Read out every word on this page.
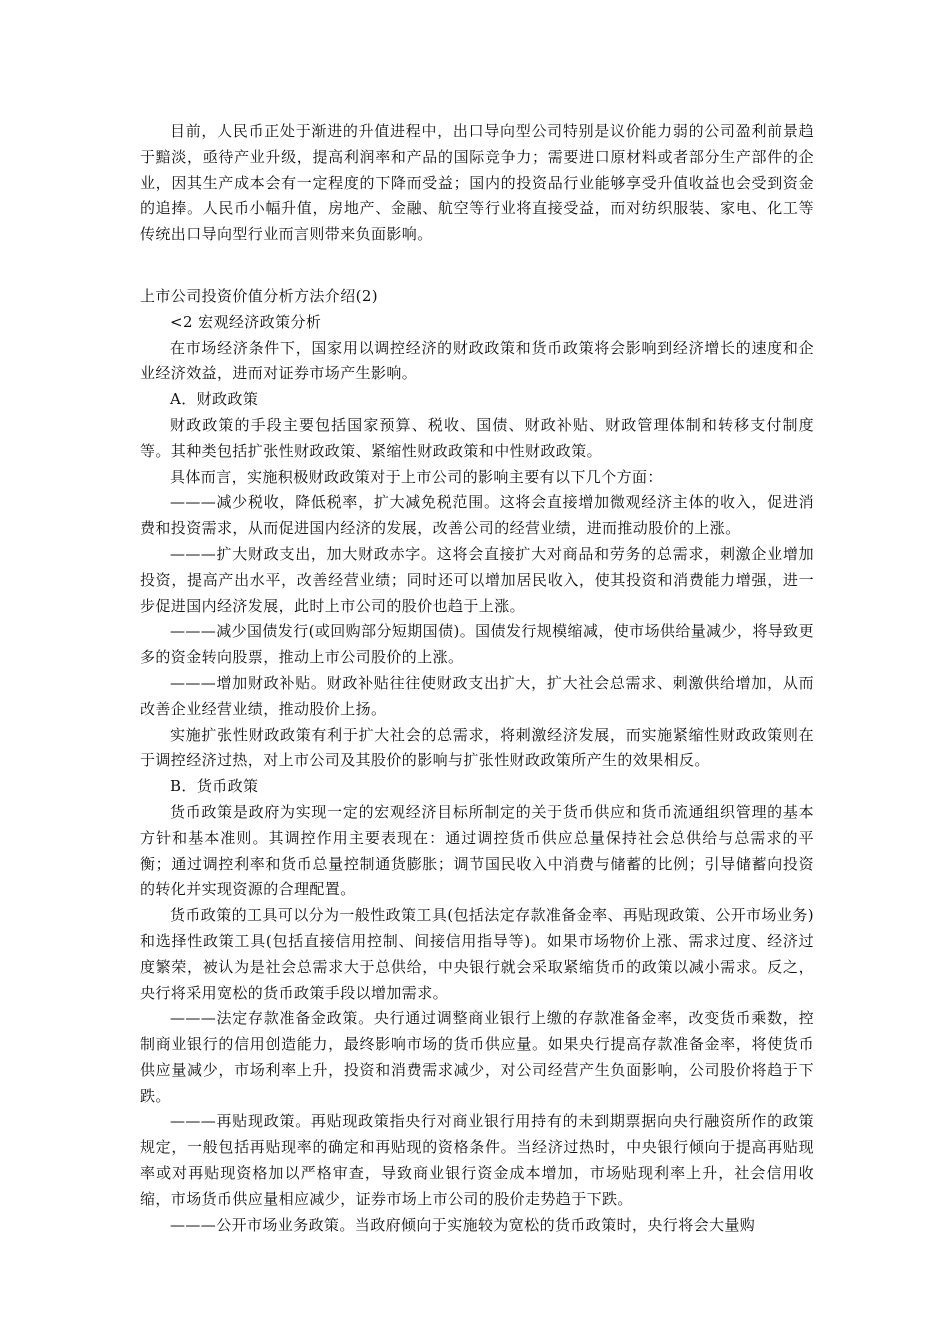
目前，人民币正处于渐进的升值进程中，出口导向型公司特别是议价能力弱的公司盈利前景趋于黯淡，亟待产业升级，提高利润率和产品的国际竞争力；需要进口原材料或者部分生产部件的企业，因其生产成本会有一定程度的下降而受益；国内的投资品行业能够享受升值收益也会受到资金的追捧。人民币小幅升值，房地产、金融、航空等行业将直接受益，而对纺织服装、家电、化工等传统出口导向型行业而言则带来负面影响。

上市公司投资价值分析方法介绍(2)

<2 宏观经济政策分析

在市场经济条件下，国家用以调控经济的财政政策和货币政策将会影响到经济增长的速度和企业经济效益，进而对证券市场产生影响。

A．财政政策

财政政策的手段主要包括国家预算、税收、国债、财政补贴、财政管理体制和转移支付制度等。其种类包括扩张性财政政策、紧缩性财政政策和中性财政政策。

具体而言，实施积极财政政策对于上市公司的影响主要有以下几个方面：

———减少税收，降低税率，扩大减免税范围。这将会直接增加微观经济主体的收入，促进消费和投资需求，从而促进国内经济的发展，改善公司的经营业绩，进而推动股价的上涨。

———扩大财政支出，加大财政赤字。这将会直接扩大对商品和劳务的总需求，刺激企业增加投资，提高产出水平，改善经营业绩；同时还可以增加居民收入，使其投资和消费能力增强，进一步促进国内经济发展，此时上市公司的股价也趋于上涨。

———减少国债发行(或回购部分短期国债)。国债发行规模缩减，使市场供给量减少，将导致更多的资金转向股票，推动上市公司股价的上涨。

———增加财政补贴。财政补贴往往使财政支出扩大，扩大社会总需求、刺激供给增加，从而改善企业经营业绩，推动股价上扬。

实施扩张性财政政策有利于扩大社会的总需求，将刺激经济发展，而实施紧缩性财政政策则在于调控经济过热，对上市公司及其股价的影响与扩张性财政政策所产生的效果相反。

B．货币政策

货币政策是政府为实现一定的宏观经济目标所制定的关于货币供应和货币流通组织管理的基本方针和基本准则。其调控作用主要表现在：通过调控货币供应总量保持社会总供给与总需求的平衡；通过调控利率和货币总量控制通货膨胀；调节国民收入中消费与储蓄的比例；引导储蓄向投资的转化并实现资源的合理配置。

货币政策的工具可以分为一般性政策工具(包括法定存款准备金率、再贴现政策、公开市场业务)和选择性政策工具(包括直接信用控制、间接信用指导等)。如果市场物价上涨、需求过度、经济过度繁荣，被认为是社会总需求大于总供给，中央银行就会采取紧缩货币的政策以减小需求。反之，央行将采用宽松的货币政策手段以增加需求。

———法定存款准备金政策。央行通过调整商业银行上缴的存款准备金率，改变货币乘数，控制商业银行的信用创造能力，最终影响市场的货币供应量。如果央行提高存款准备金率，将使货币供应量减少，市场利率上升，投资和消费需求减少，对公司经营产生负面影响，公司股价将趋于下跌。

———再贴现政策。再贴现政策指央行对商业银行用持有的未到期票据向央行融资所作的政策规定，一般包括再贴现率的确定和再贴现的资格条件。当经济过热时，中央银行倾向于提高再贴现率或对再贴现资格加以严格审查，导致商业银行资金成本增加，市场贴现利率上升，社会信用收缩，市场货币供应量相应减少，证券市场上市公司的股价走势趋于下跌。

———公开市场业务政策。当政府倾向于实施较为宽松的货币政策时，央行将会大量购
